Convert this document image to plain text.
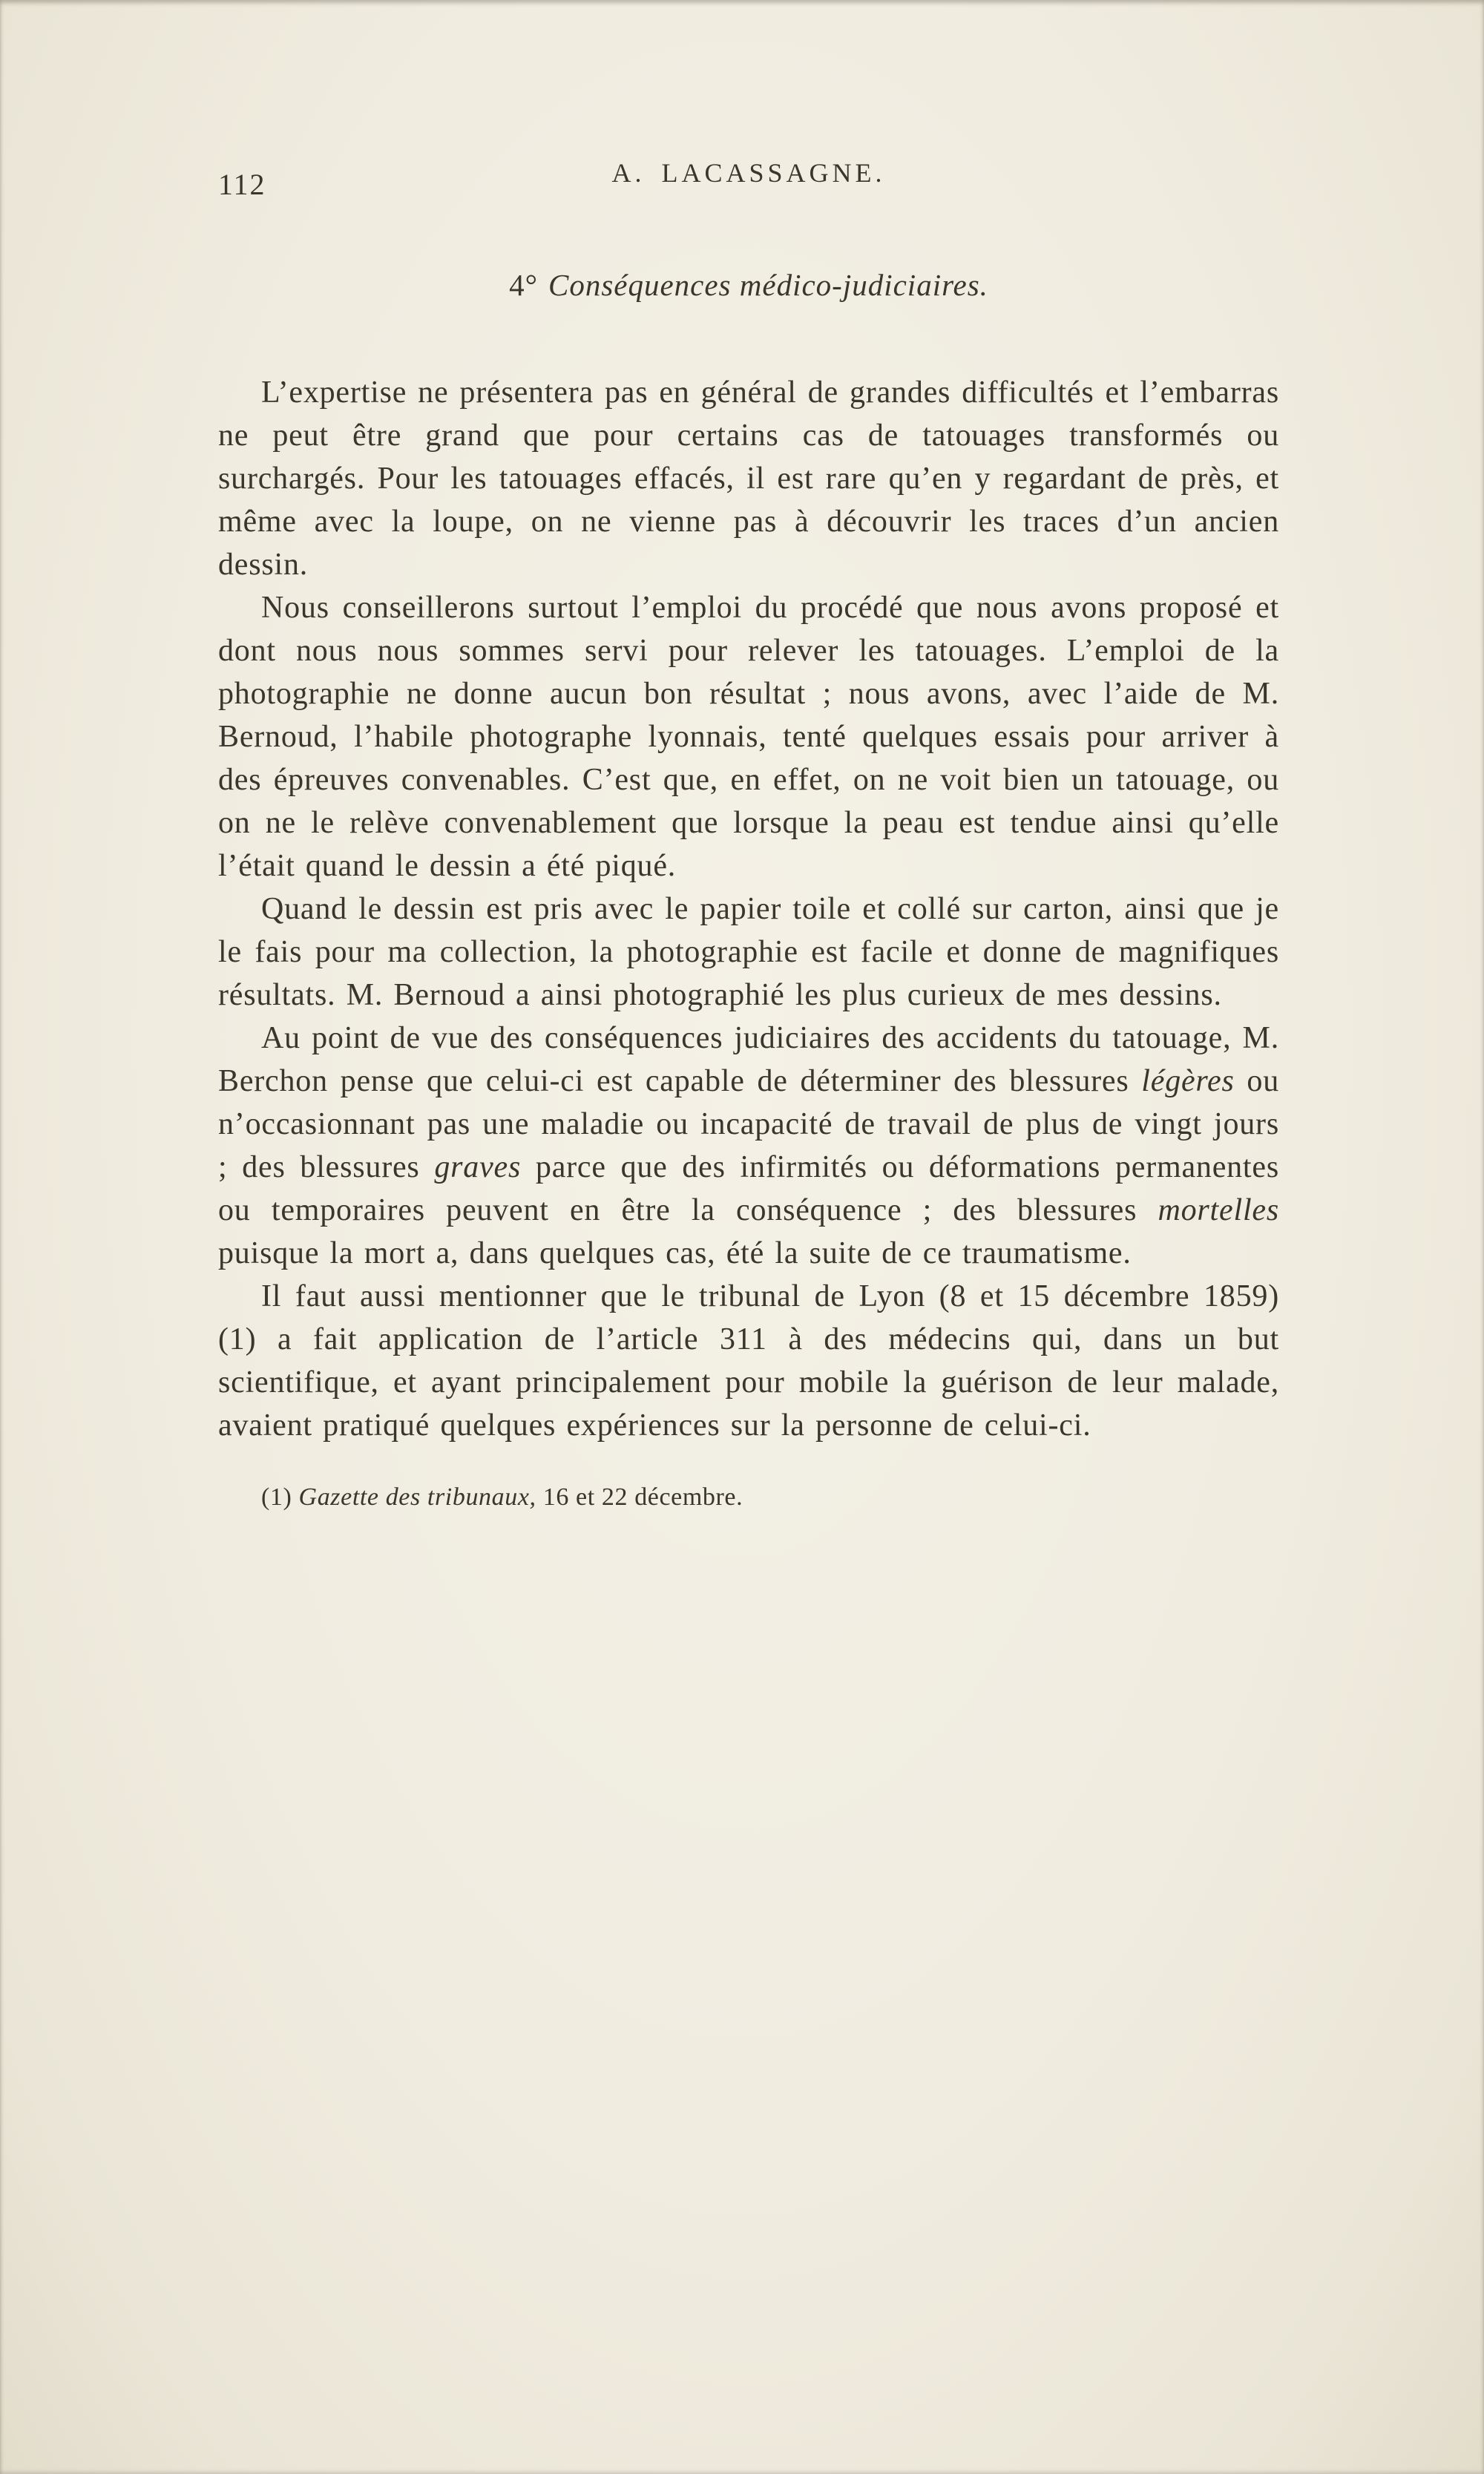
112	A. LACASSAGNE.
4° Conséquences médico-judiciaires.

L’expertise ne présentera pas en général de grandes difficultés et l’embarras ne peut être grand que pour certains cas de tatouages transformés ou surchargés. Pour les tatouages effacés, il est rare qu’en y regardant de près, et même avec la loupe, on ne vienne pas à découvrir les traces d’un ancien dessin.

Nous conseillerons surtout l’emploi du procédé que nous avons proposé et dont nous nous sommes servi pour relever les tatouages. L’emploi de la photographie ne donne aucun bon résultat ; nous avons, avec l’aide de M. Bernoud, l’habile photographe lyonnais, tenté quelques essais pour arriver à des épreuves convenables. C’est que, en effet, on ne voit bien un tatouage, ou on ne le relève convenablement que lorsque la peau est tendue ainsi qu’elle l’était quand le dessin a été piqué.

Quand le dessin est pris avec le papier toile et collé sur carton, ainsi que je le fais pour ma collection, la photographie est facile et donne de magnifiques résultats. M. Bernoud a ainsi photographié les plus curieux de mes dessins.

Au point de vue des conséquences judiciaires des accidents du tatouage, M. Berchon pense que celui-ci est capable de déterminer des blessures légères ou n’occasionnant pas une maladie ou incapacité de travail de plus de vingt jours ; des blessures graves parce que des infirmités ou déformations permanentes ou temporaires peuvent en être la conséquence ; des blessures mortelles puisque la mort a, dans quelques cas, été la suite de ce traumatisme.

Il faut aussi mentionner que le tribunal de Lyon (8 et 15 décembre 1859) (1) a fait application de l’article 311 à des médecins qui, dans un but scientifique, et ayant principalement pour mobile la guérison de leur malade, avaient pratiqué quelques expériences sur la personne de celui-ci.

(1) Gazette des tribunaux, 16 et 22 décembre.
